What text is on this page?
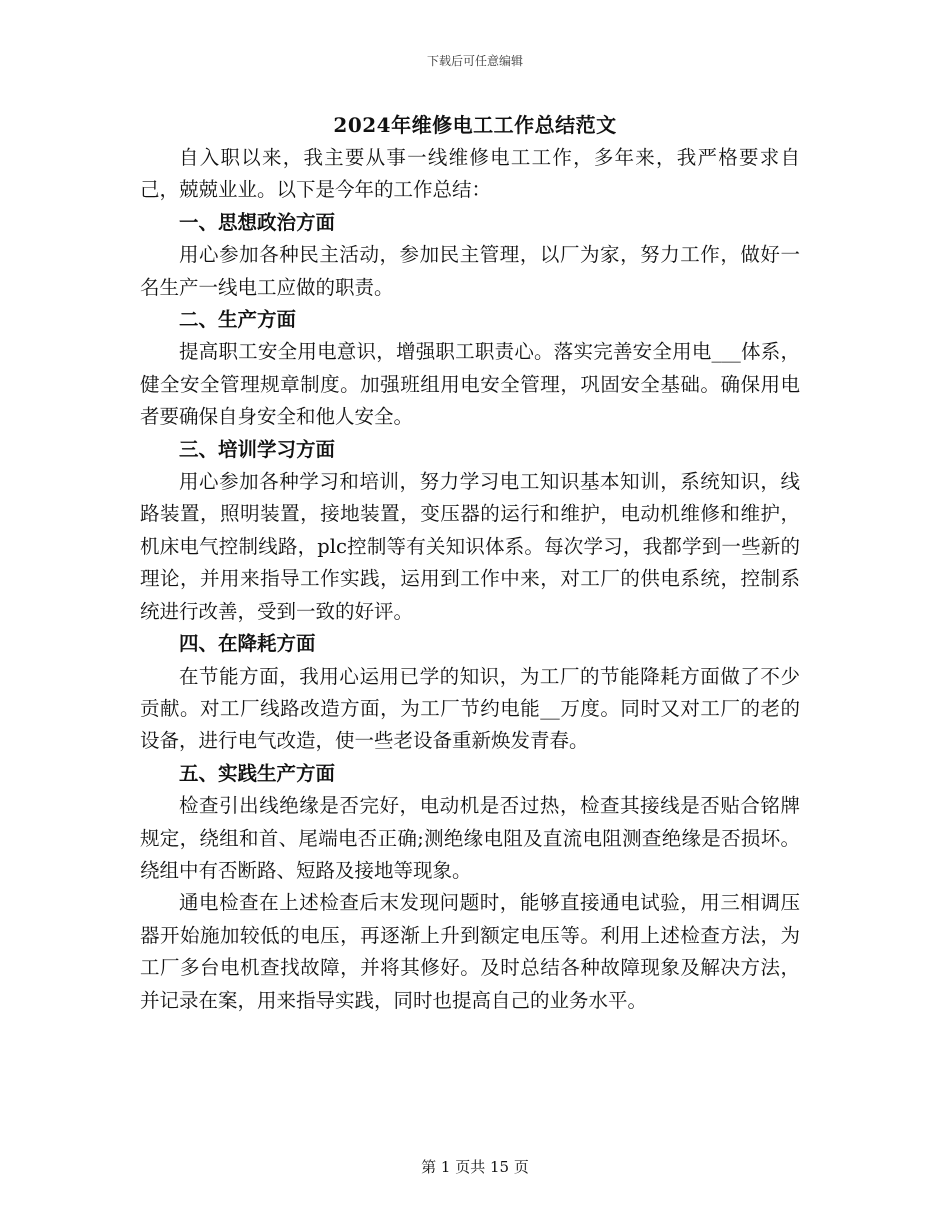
下载后可任意编辑
2024年维修电工工作总结范文

自入职以来，我主要从事一线维修电工工作，多年来，我严格要求自己，兢兢业业。以下是今年的工作总结：

一、思想政治方面

用心参加各种民主活动，参加民主管理，以厂为家，努力工作，做好一名生产一线电工应做的职责。

二、生产方面

提高职工安全用电意识，增强职工职责心。落实完善安全用电___体系，健全安全管理规章制度。加强班组用电安全管理，巩固安全基础。确保用电者要确保自身安全和他人安全。

三、培训学习方面

用心参加各种学习和培训，努力学习电工知识基本知训，系统知识，线路装置，照明装置，接地装置，变压器的运行和维护，电动机维修和维护，机床电气控制线路，plc控制等有关知识体系。每次学习，我都学到一些新的理论，并用来指导工作实践，运用到工作中来，对工厂的供电系统，控制系统进行改善，受到一致的好评。

四、在降耗方面

在节能方面，我用心运用已学的知识，为工厂的节能降耗方面做了不少贡献。对工厂线路改造方面，为工厂节约电能__万度。同时又对工厂的老的设备，进行电气改造，使一些老设备重新焕发青春。

五、实践生产方面

检查引出线绝缘是否完好，电动机是否过热，检查其接线是否贴合铭牌规定，绕组和首、尾端电否正确;测绝缘电阻及直流电阻测查绝缘是否损坏。绕组中有否断路、短路及接地等现象。

通电检查在上述检查后末发现问题时，能够直接通电试验，用三相调压器开始施加较低的电压，再逐渐上升到额定电压等。利用上述检查方法，为工厂多台电机查找故障，并将其修好。及时总结各种故障现象及解决方法，并记录在案，用来指导实践，同时也提高自己的业务水平。

第 1 页共 15 页
